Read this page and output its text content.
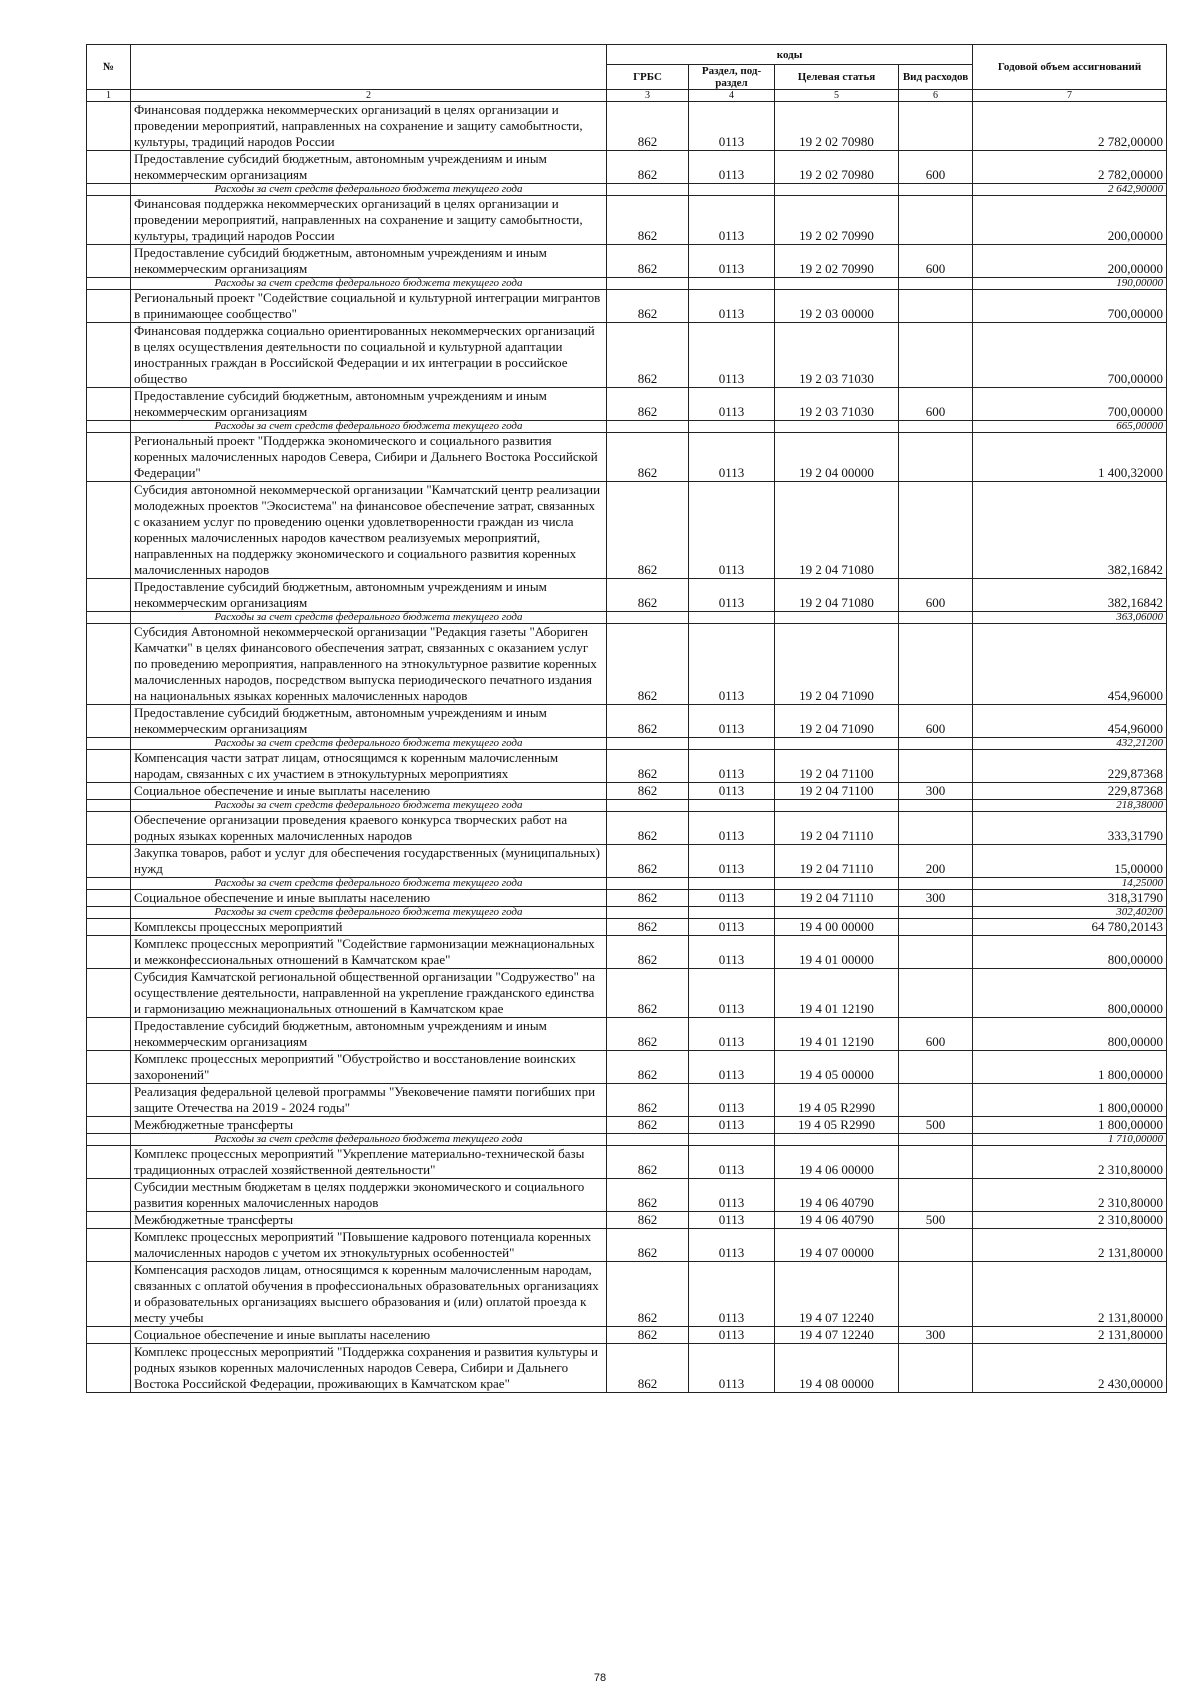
№		коды				Годовой объем ассигнований
		ГРБС	Раздел, под-раздел	Целевая статья	Вид расходов	
1	2	3	4	5	6	7
	Финансовая поддержка некоммерческих организаций в целях организации и проведении мероприятий, направленных на сохранение и защиту самобытности, культуры, традиций народов России	862	0113	19 2 02 70980		2 782,00000
	Предоставление субсидий бюджетным, автономным учреждениям и иным некоммерческим организациям	862	0113	19 2 02 70980	600	2 782,00000
	Расходы за счет средств федерального бюджета текущего года					2 642,90000
	Финансовая поддержка некоммерческих организаций в целях организации и проведении мероприятий, направленных на сохранение и защиту самобытности, культуры, традиций народов России	862	0113	19 2 02 70990		200,00000
	Предоставление субсидий бюджетным, автономным учреждениям и иным некоммерческим организациям	862	0113	19 2 02 70990	600	200,00000
	Расходы за счет средств федерального бюджета текущего года					190,00000
	Региональный проект "Содействие социальной и культурной интеграции мигрантов в принимающее сообщество"	862	0113	19 2 03 00000		700,00000
	Финансовая поддержка социально ориентированных некоммерческих организаций в целях осуществления деятельности по социальной и культурной адаптации иностранных граждан в Российской Федерации и их интеграции в российское общество	862	0113	19 2 03 71030		700,00000
	Предоставление субсидий бюджетным, автономным учреждениям и иным некоммерческим организациям	862	0113	19 2 03 71030	600	700,00000
	Расходы за счет средств федерального бюджета текущего года					665,00000
	Региональный проект "Поддержка экономического и социального развития коренных малочисленных народов Севера, Сибири и Дальнего Востока Российской Федерации"	862	0113	19 2 04 00000		1 400,32000
	Субсидия автономной некоммерческой организации "Камчатский центр реализации молодежных проектов "Экосистема" на финансовое обеспечение затрат, связанных с оказанием услуг по проведению оценки удовлетворенности граждан из числа коренных малочисленных народов качеством реализуемых мероприятий, направленных на поддержку экономического и социального развития коренных малочисленных народов	862	0113	19 2 04 71080		382,16842
	Предоставление субсидий бюджетным, автономным учреждениям и иным некоммерческим организациям	862	0113	19 2 04 71080	600	382,16842
	Расходы за счет средств федерального бюджета текущего года					363,06000
	Субсидия Автономной некоммерческой организации "Редакция газеты "Абориген Камчатки" в целях финансового обеспечения затрат, связанных с оказанием услуг по проведению мероприятия, направленного на этнокультурное развитие коренных малочисленных народов, посредством выпуска периодического печатного издания на национальных языках коренных малочисленных народов	862	0113	19 2 04 71090		454,96000
	Предоставление субсидий бюджетным, автономным учреждениям и иным некоммерческим организациям	862	0113	19 2 04 71090	600	454,96000
	Расходы за счет средств федерального бюджета текущего года					432,21200
	Компенсация части затрат лицам, относящимся к коренным малочисленным народам, связанных с их участием в этнокультурных мероприятиях	862	0113	19 2 04 71100		229,87368
	Социальное обеспечение и иные выплаты населению	862	0113	19 2 04 71100	300	229,87368
	Расходы за счет средств федерального бюджета текущего года					218,38000
	Обеспечение организации проведения краевого конкурса творческих работ на родных языках коренных малочисленных народов	862	0113	19 2 04 71110		333,31790
	Закупка товаров, работ и услуг для обеспечения государственных (муниципальных) нужд	862	0113	19 2 04 71110	200	15,00000
	Расходы за счет средств федерального бюджета текущего года					14,25000
	Социальное обеспечение и иные выплаты населению	862	0113	19 2 04 71110	300	318,31790
	Расходы за счет средств федерального бюджета текущего года					302,40200
	Комплексы процессных мероприятий	862	0113	19 4 00 00000		64 780,20143
	Комплекс процессных мероприятий "Содействие гармонизации межнациональных и межконфессиональных отношений в Камчатском крае"	862	0113	19 4 01 00000		800,00000
	Субсидия Камчатской региональной общественной организации "Содружество" на осуществление деятельности, направленной на укрепление гражданского единства и гармонизацию межнациональных отношений в Камчатском крае	862	0113	19 4 01 12190		800,00000
	Предоставление субсидий бюджетным, автономным учреждениям и иным некоммерческим организациям	862	0113	19 4 01 12190	600	800,00000
	Комплекс процессных мероприятий "Обустройство и восстановление воинских захоронений"	862	0113	19 4 05 00000		1 800,00000
	Реализация федеральной целевой программы "Увековечение памяти погибших при защите Отечества на 2019 - 2024 годы"	862	0113	19 4 05 R2990		1 800,00000
	Межбюджетные трансферты	862	0113	19 4 05 R2990	500	1 800,00000
	Расходы за счет средств федерального бюджета текущего года					1 710,00000
	Комплекс процессных мероприятий "Укрепление материально-технической базы традиционных отраслей хозяйственной деятельности"	862	0113	19 4 06 00000		2 310,80000
	Субсидии местным бюджетам в целях поддержки экономического и социального развития коренных малочисленных народов	862	0113	19 4 06 40790		2 310,80000
	Межбюджетные трансферты	862	0113	19 4 06 40790	500	2 310,80000
	Комплекс процессных мероприятий "Повышение кадрового потенциала коренных малочисленных народов с учетом их этнокультурных особенностей"	862	0113	19 4 07 00000		2 131,80000
	Компенсация расходов лицам, относящимся к коренным малочисленным народам, связанных с оплатой обучения в профессиональных образовательных организациях и образовательных организациях высшего образования и (или) оплатой проезда к месту учебы	862	0113	19 4 07 12240		2 131,80000
	Социальное обеспечение и иные выплаты населению	862	0113	19 4 07 12240	300	2 131,80000
	Комплекс процессных мероприятий "Поддержка сохранения и развития культуры и родных языков коренных малочисленных народов Севера, Сибири и Дальнего Востока Российской Федерации, проживающих в Камчатском крае"	862	0113	19 4 08 00000		2 430,00000
78
